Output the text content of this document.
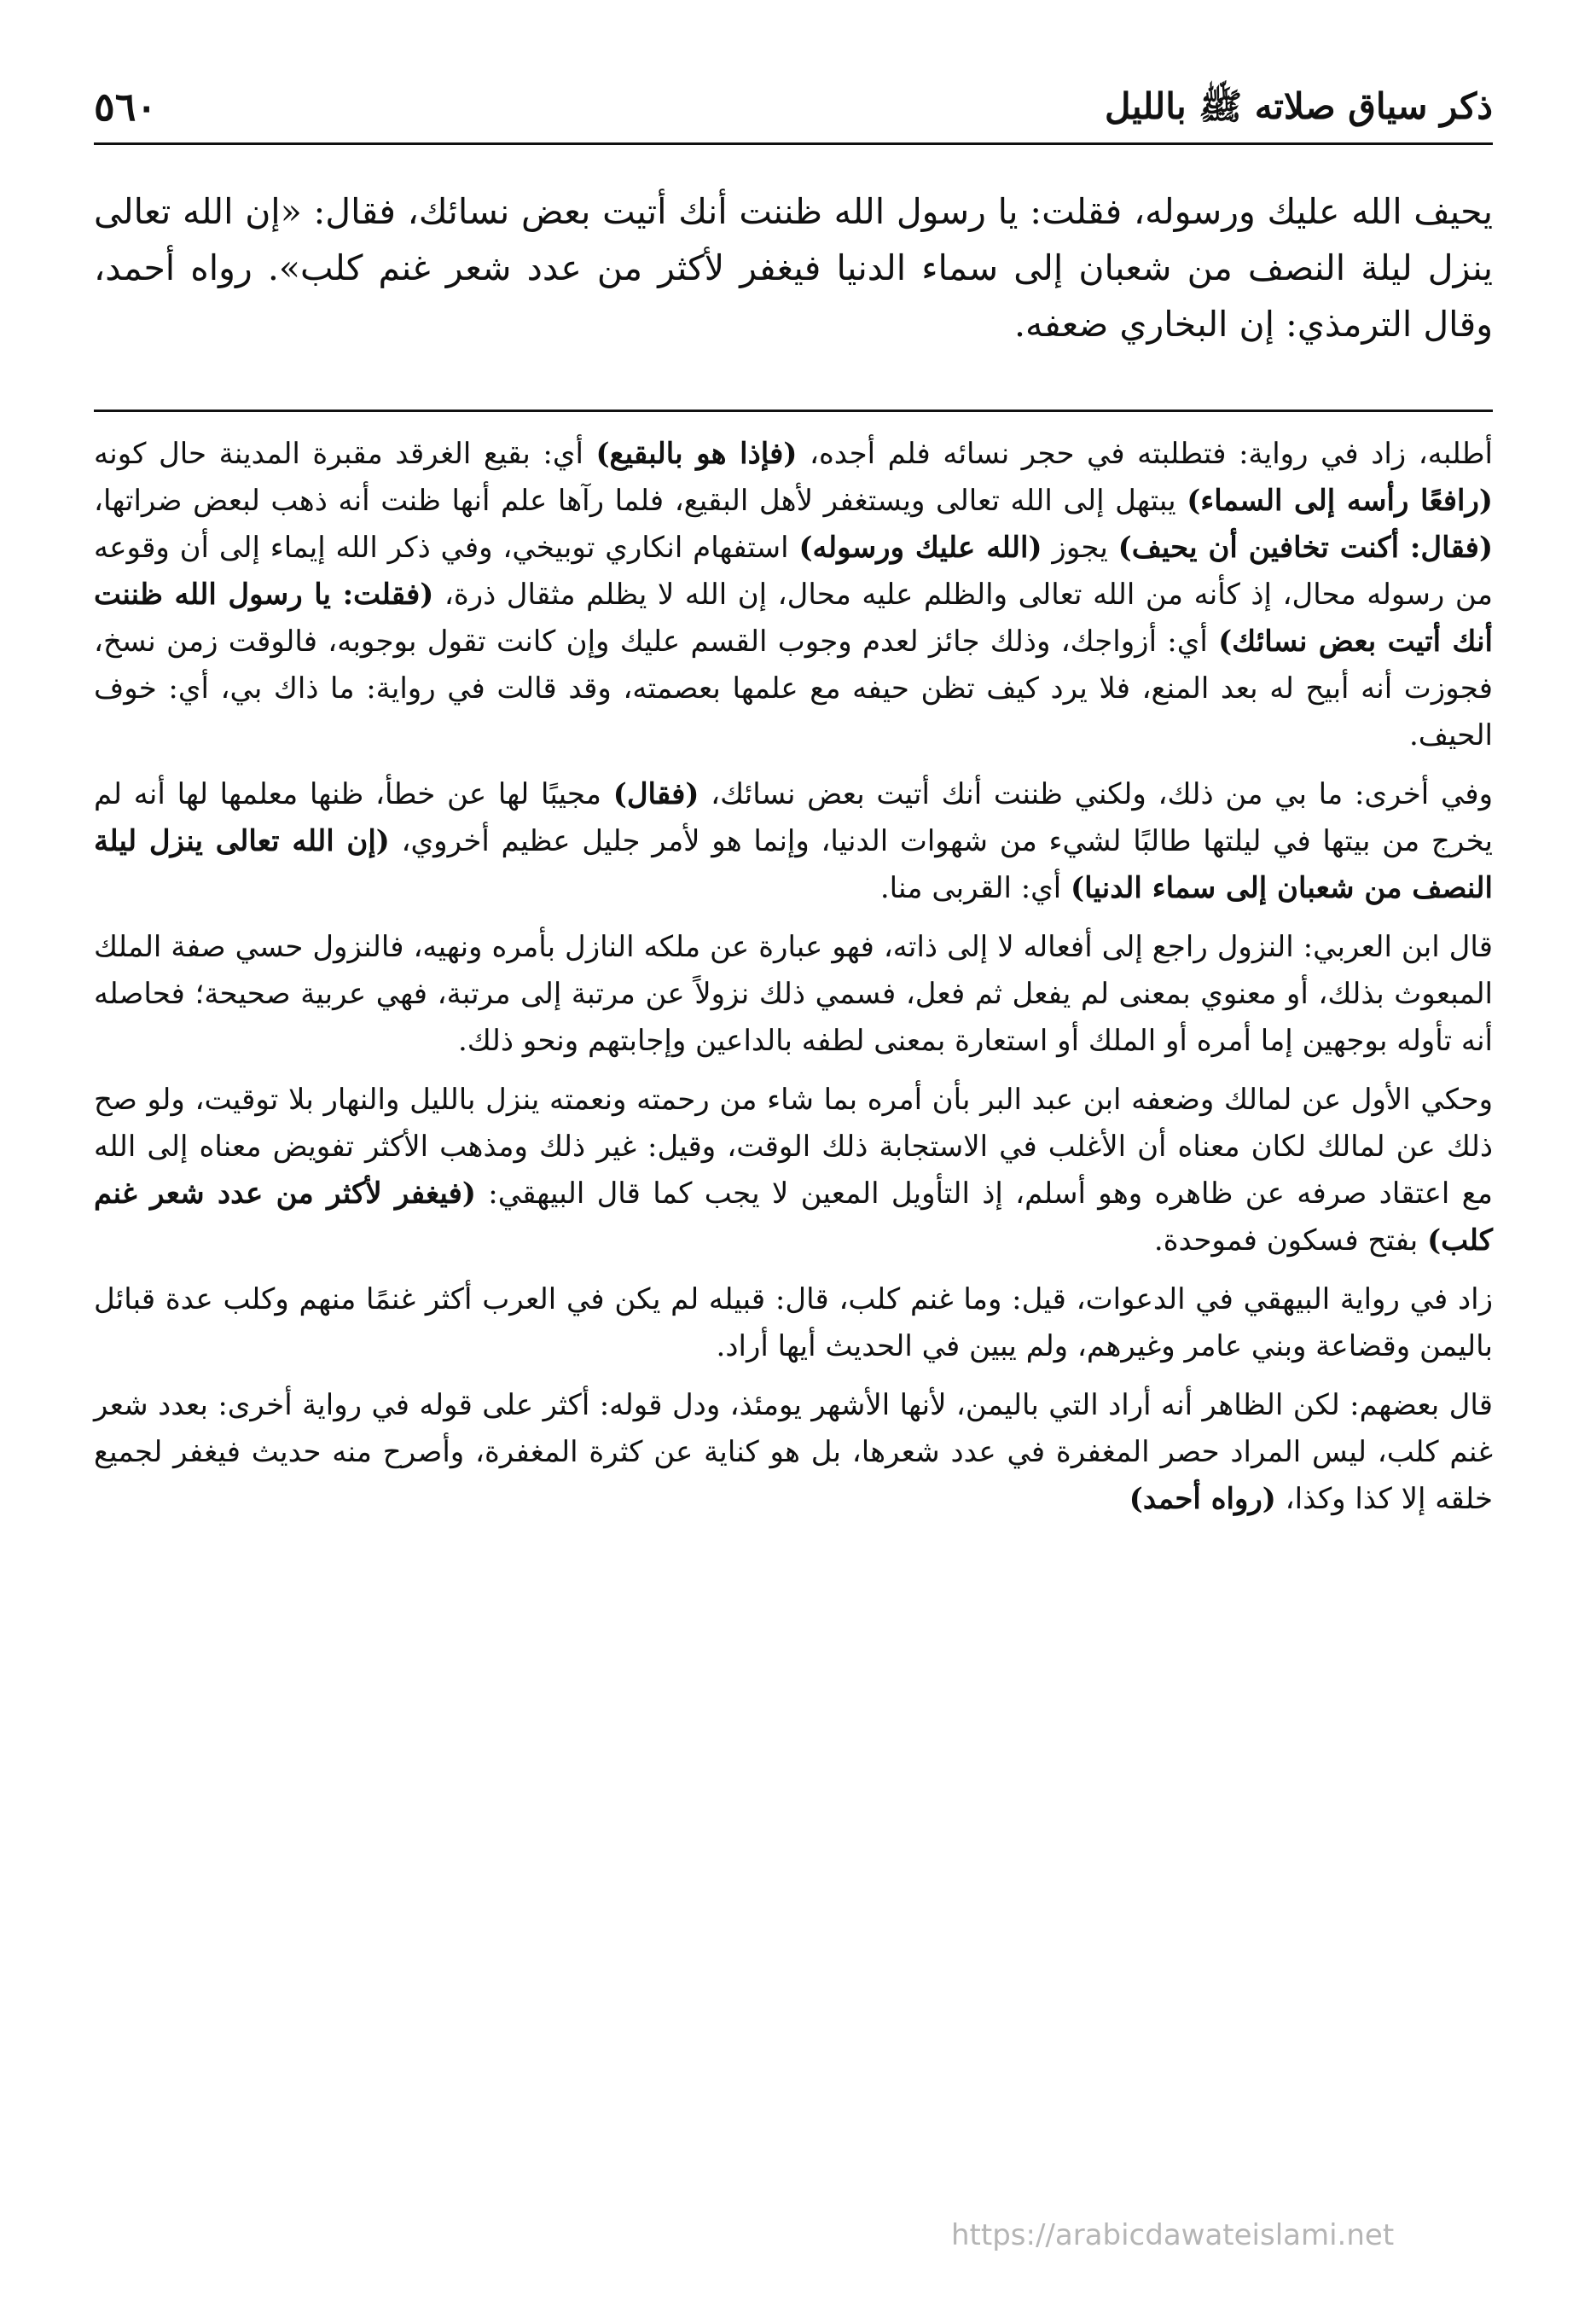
ذكر سياق صلاته ﷺ بالليل
٥٦٠
يحيف الله عليك ورسوله، فقلت: يا رسول الله ظننت أنك أتيت بعض نسائك، فقال: «إن الله تعالى ينزل ليلة النصف من شعبان إلى سماء الدنيا فيغفر لأكثر من عدد شعر غنم كلب». رواه أحمد، وقال الترمذي: إن البخاري ضعفه.
أطلبه، زاد في رواية: فتطلبته في حجر نسائه فلم أجده، (فإذا هو بالبقيع) أي: بقيع الغرقد مقبرة المدينة حال كونه (رافعًا رأسه إلى السماء) يبتهل إلى الله تعالى ويستغفر لأهل البقيع، فلما رآها علم أنها ظنت أنه ذهب لبعض ضراتها، (فقال: أكنت تخافين أن يحيف) يجوز (الله عليك ورسوله) استفهام انكاري توبيخي، وفي ذكر الله إيماء إلى أن وقوعه من رسوله محال، إذ كأنه من الله تعالى والظلم عليه محال، إن الله لا يظلم مثقال ذرة، (فقلت: يا رسول الله ظننت أنك أتيت بعض نسائك) أي: أزواجك، وذلك جائز لعدم وجوب القسم عليك وإن كانت تقول بوجوبه، فالوقت زمن نسخ، فجوزت أنه أبيح له بعد المنع، فلا يرد كيف تظن حيفه مع علمها بعصمته، وقد قالت في رواية: ما ذاك بي، أي: خوف الحيف.
وفي أخرى: ما بي من ذلك، ولكني ظننت أنك أتيت بعض نسائك، (فقال) مجيبًا لها عن خطأ، ظنها معلمها لها أنه لم يخرج من بيتها في ليلتها طالبًا لشيء من شهوات الدنيا، وإنما هو لأمر جليل عظيم أخروي، (إن الله تعالى ينزل ليلة النصف من شعبان إلى سماء الدنيا) أي: القربى منا.
قال ابن العربي: النزول راجع إلى أفعاله لا إلى ذاته، فهو عبارة عن ملكه النازل بأمره ونهيه، فالنزول حسي صفة الملك المبعوث بذلك، أو معنوي بمعنى لم يفعل ثم فعل، فسمي ذلك نزولاً عن مرتبة إلى مرتبة، فهي عربية صحيحة؛ فحاصله أنه تأوله بوجهين إما أمره أو الملك أو استعارة بمعنى لطفه بالداعين وإجابتهم ونحو ذلك.
وحكي الأول عن لمالك وضعفه ابن عبد البر بأن أمره بما شاء من رحمته ونعمته ينزل بالليل والنهار بلا توقيت، ولو صح ذلك عن لمالك لكان معناه أن الأغلب في الاستجابة ذلك الوقت، وقيل: غير ذلك ومذهب الأكثر تفويض معناه إلى الله مع اعتقاد صرفه عن ظاهره وهو أسلم، إذ التأويل المعين لا يجب كما قال البيهقي: (فيغفر لأكثر من عدد شعر غنم كلب) بفتح فسكون فموحدة.
زاد في رواية البيهقي في الدعوات، قيل: وما غنم كلب، قال: قبيله لم يكن في العرب أكثر غنمًا منهم وكلب عدة قبائل باليمن وقضاعة وبني عامر وغيرهم، ولم يبين في الحديث أيها أراد.
قال بعضهم: لكن الظاهر أنه أراد التي باليمن، لأنها الأشهر يومئذ، ودل قوله: أكثر على قوله في رواية أخرى: بعدد شعر غنم كلب، ليس المراد حصر المغفرة في عدد شعرها، بل هو كناية عن كثرة المغفرة، وأصرح منه حديث فيغفر لجميع خلقه إلا كذا وكذا، (رواه أحمد)
https://arabicdawateislami.net
